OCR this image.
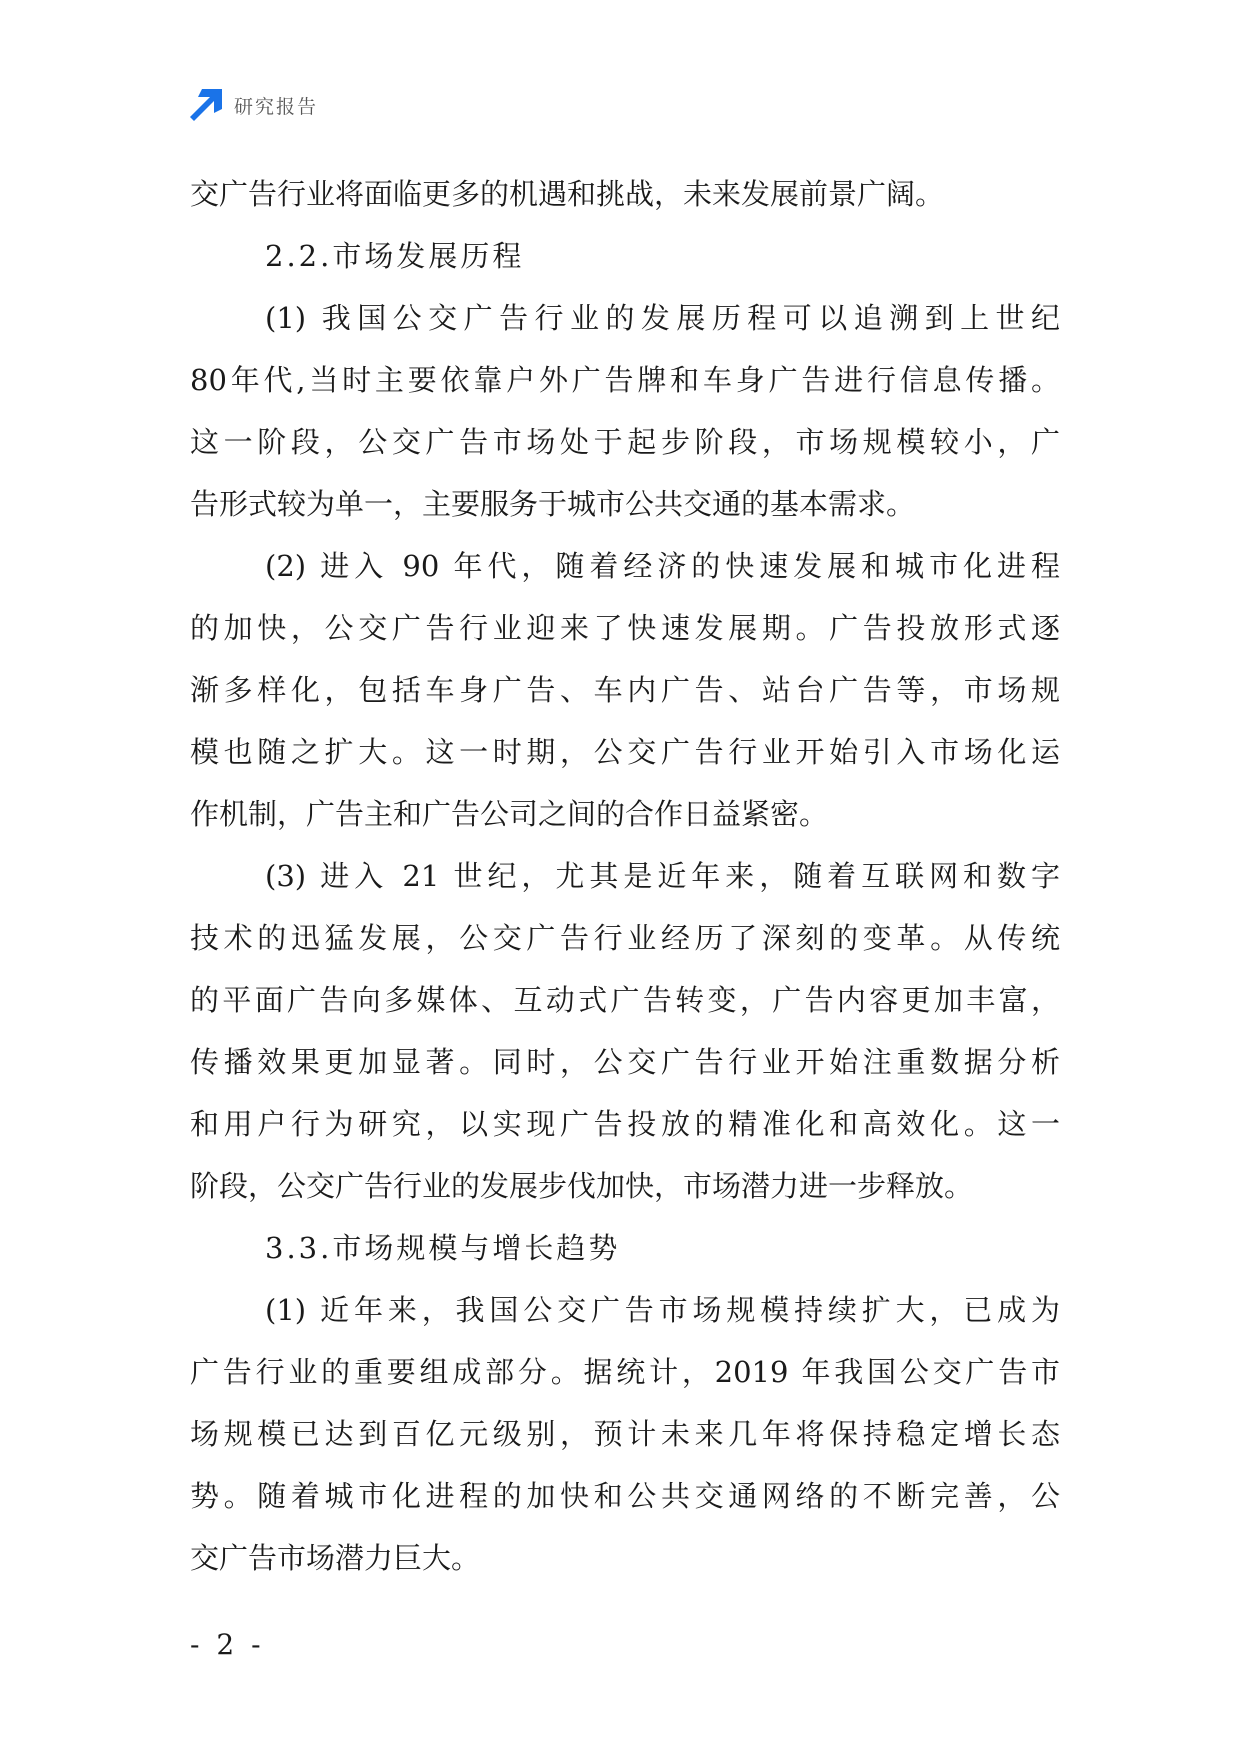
研究报告
交广告行业将面临更多的机遇和挑战，未来发展前景广阔。
2.2.市场发展历程
(1) 我国公交广告行业的发展历程可以追溯到上世纪
80年代,当时主要依靠户外广告牌和车身广告进行信息传播。
这一阶段，公交广告市场处于起步阶段，市场规模较小，广
告形式较为单一，主要服务于城市公共交通的基本需求。
(2) 进入 90 年代，随着经济的快速发展和城市化进程
的加快，公交广告行业迎来了快速发展期。广告投放形式逐
渐多样化，包括车身广告、车内广告、站台广告等，市场规
模也随之扩大。这一时期，公交广告行业开始引入市场化运
作机制，广告主和广告公司之间的合作日益紧密。
(3) 进入 21 世纪，尤其是近年来，随着互联网和数字
技术的迅猛发展，公交广告行业经历了深刻的变革。从传统
的平面广告向多媒体、互动式广告转变，广告内容更加丰富，
传播效果更加显著。同时，公交广告行业开始注重数据分析
和用户行为研究，以实现广告投放的精准化和高效化。这一
阶段，公交广告行业的发展步伐加快，市场潜力进一步释放。
3.3.市场规模与增长趋势
(1) 近年来，我国公交广告市场规模持续扩大，已成为
广告行业的重要组成部分。据统计，2019 年我国公交广告市
场规模已达到百亿元级别，预计未来几年将保持稳定增长态
势。随着城市化进程的加快和公共交通网络的不断完善，公
交广告市场潜力巨大。
- 2 -
